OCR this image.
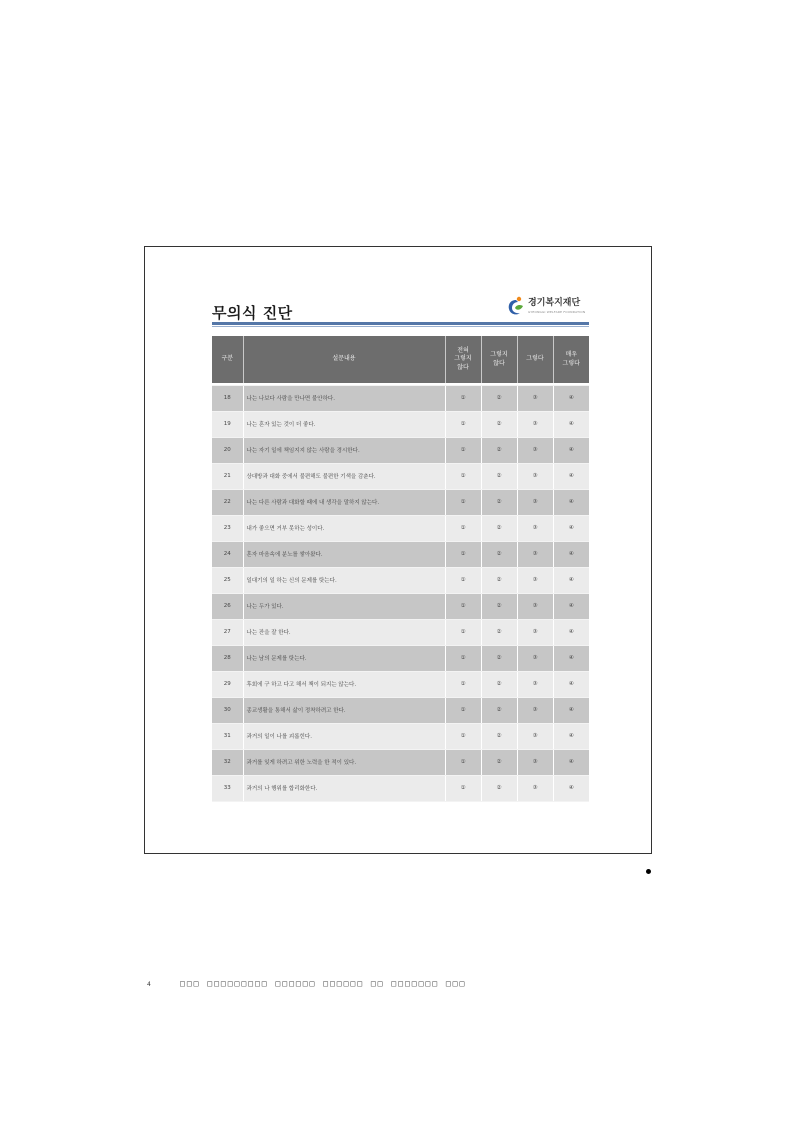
무의식 진단
경기복지재단
GYEONGGI WELFARE FOUNDATION
구분	설문내용	전혀
그렇지
않다	그렇지
않다	그렇다	매우
그렇다

18	나는 나보다 사람을 만나면 불안하다.	①	②	③	④
19	나는 혼자 있는 것이 더 좋다.	①	②	③	④
20	나는 자기 일에 책임지지 않는 사람을 경시한다.	①	②	③	④
21	상대방과 대화 중에서 불편해도 불편한 기색을 감춘다.	①	②	③	④
22	나는 다른 사람과 대화할 때에 내 생각을 말하지 않는다.	①	②	③	④
23	내가 좋으면 거부 못하는 성이다.	①	②	③	④
24	혼자 마음속에 분노를 쌓아왔다.	①	②	③	④
25	일대기의 일 하는 신의 문제를 탓는다.	①	②	③	④
26	나는 두가 있다.	①	②	③	④
27	나는 잔을 잘 한다.	①	②	③	④
28	나는 남의 문제를 탓는다.	①	②	③	④
29	후회에 구 하고 다고 해서 책이 되지는 않는다.	①	②	③	④
30	종교생활을 통해서 삶이 정착하려고 한다.	①	②	③	④
31	과거의 일이 나를 괴롭힌다.	①	②	③	④
32	과거를 잊게 하려고 위한 노력을 한 적이 있다.	①	②	③	④
33	과거의 나 행위를 합리화한다.	①	②	③	④
4	□□□ □□□□□□□□□ □□□□□□ □□□□□□ □□ □□□□□□□ □□□
